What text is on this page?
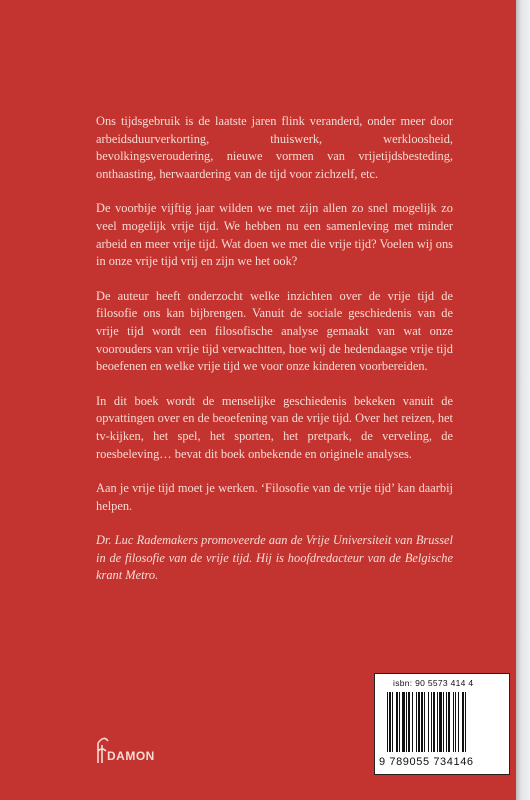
Ons tijdsgebruik is de laatste jaren flink veranderd, onder meer door arbeidsduurverkorting, thuiswerk, werkloosheid, bevolkingsveroudering, nieuwe vormen van vrijetijdsbesteding, onthaasting, herwaardering van de tijd voor zichzelf, etc.

De voorbije vijftig jaar wilden we met zijn allen zo snel mogelijk zo veel mogelijk vrije tijd. We hebben nu een samenleving met minder arbeid en meer vrije tijd. Wat doen we met die vrije tijd? Voelen wij ons in onze vrije tijd vrij en zijn we het ook?

De auteur heeft onderzocht welke inzichten over de vrije tijd de filosofie ons kan bijbrengen. Vanuit de sociale geschiedenis van de vrije tijd wordt een filosofische analyse gemaakt van wat onze voorouders van vrije tijd verwachtten, hoe wij de hedendaagse vrije tijd beoefenen en welke vrije tijd we voor onze kinderen voorbereiden.

In dit boek wordt de menselijke geschiedenis bekeken vanuit de opvattingen over en de beoefening van de vrije tijd. Over het reizen, het tv-kijken, het spel, het sporten, het pretpark, de verveling, de roesbeleving… bevat dit boek onbekende en originele analyses.

Aan je vrije tijd moet je werken. ‘Filosofie van de vrije tijd’ kan daarbij helpen.

Dr. Luc Rademakers promoveerde aan de Vrije Universiteit van Brussel in de filosofie van de vrije tijd. Hij is hoofdredacteur van de Belgische krant Metro.

DAMON
isbn: 90 5573 414 4
9 789055 734146
